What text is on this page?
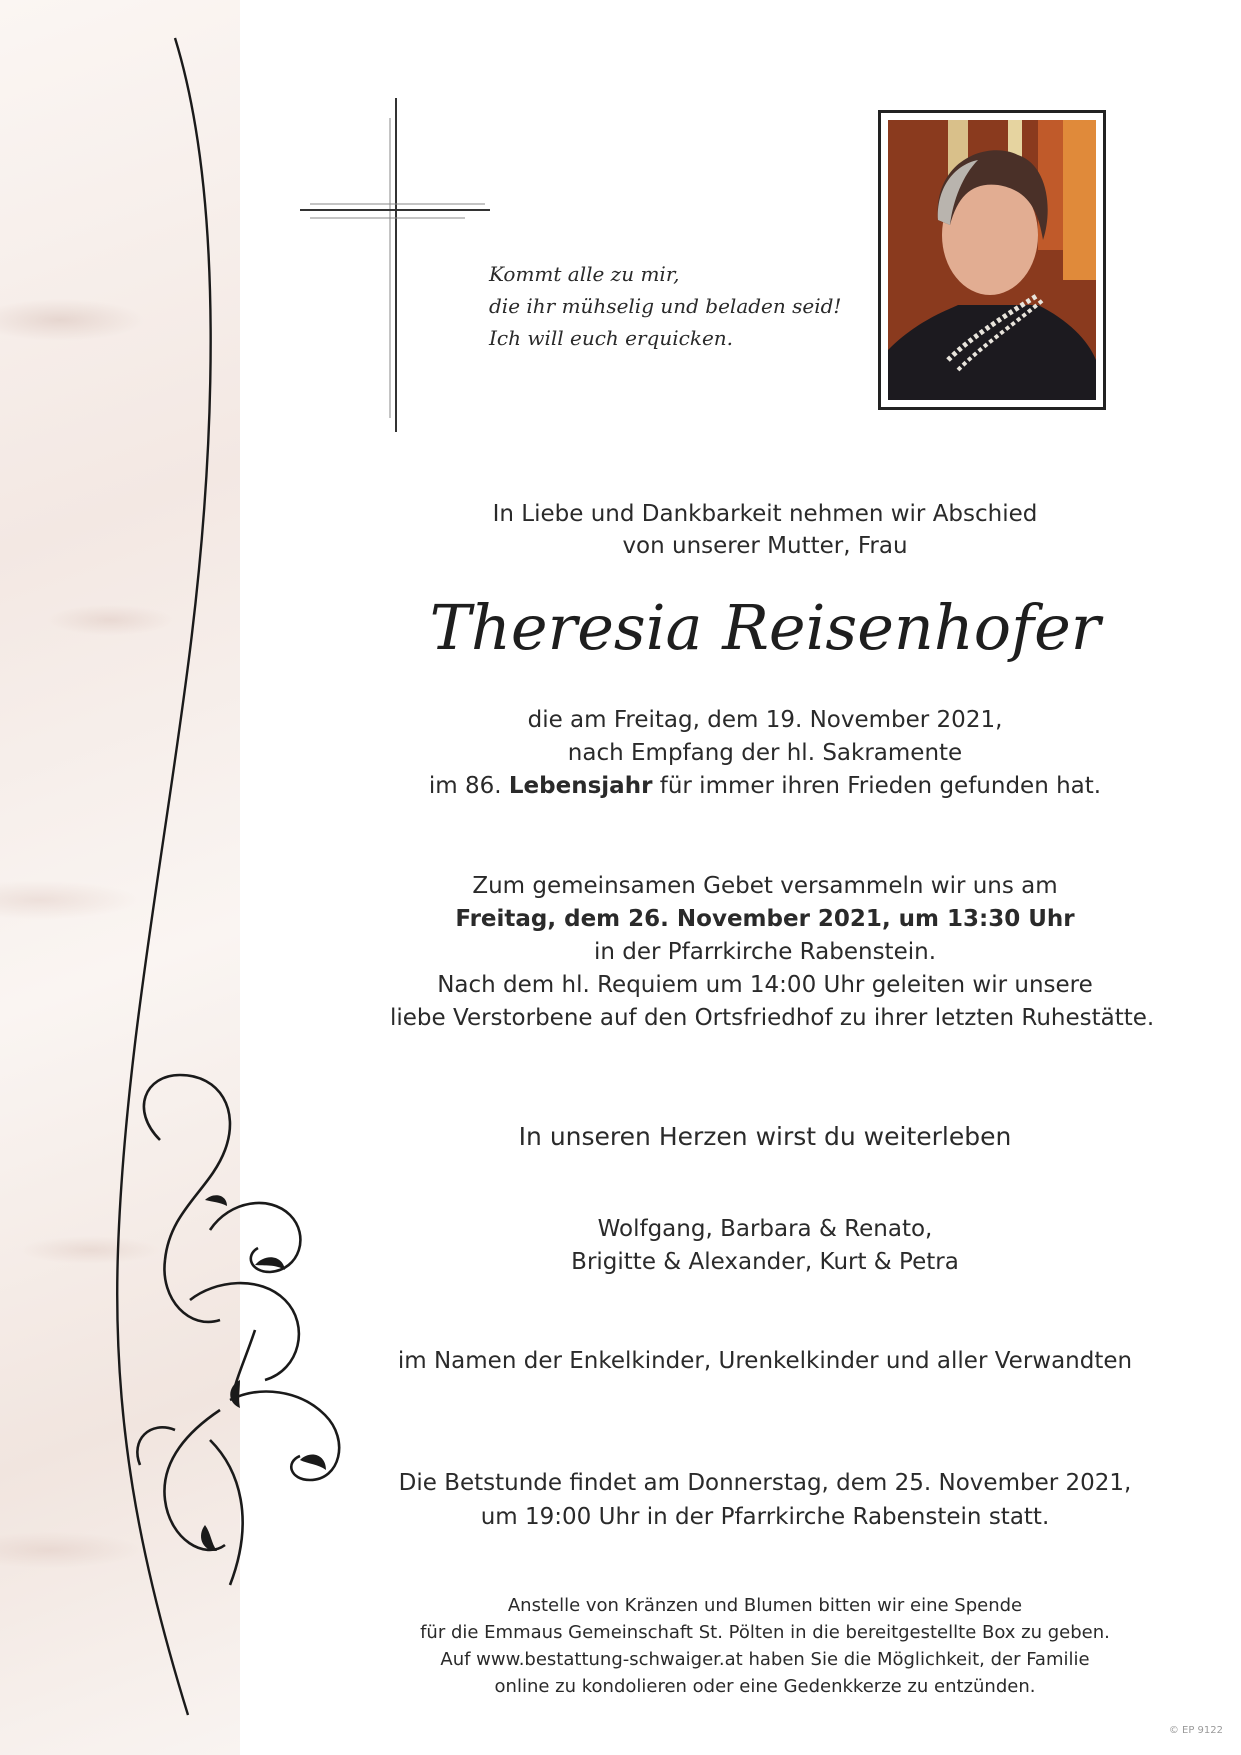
Kommt alle zu mir,
die ihr mühselig und beladen seid!
Ich will euch erquicken.
In Liebe und Dankbarkeit nehmen wir Abschied
von unserer Mutter, Frau
Theresia Reisenhofer
die am Freitag, dem 19. November 2021,
nach Empfang der hl. Sakramente
im 86. Lebensjahr für immer ihren Frieden gefunden hat.
Zum gemeinsamen Gebet versammeln wir uns am
Freitag, dem 26. November 2021, um 13:30 Uhr
in der Pfarrkirche Rabenstein.
Nach dem hl. Requiem um 14:00 Uhr geleiten wir unsere
liebe Verstorbene auf den Ortsfriedhof zu ihrer letzten Ruhestätte.
In unseren Herzen wirst du weiterleben
Wolfgang, Barbara & Renato,
Brigitte & Alexander, Kurt & Petra
im Namen der Enkelkinder, Urenkelkinder und aller Verwandten
Die Betstunde findet am Donnerstag, dem 25. November 2021,
um 19:00 Uhr in der Pfarrkirche Rabenstein statt.
Anstelle von Kränzen und Blumen bitten wir eine Spende
für die Emmaus Gemeinschaft St. Pölten in die bereitgestellte Box zu geben.
Auf www.bestattung-schwaiger.at haben Sie die Möglichkeit, der Familie
online zu kondolieren oder eine Gedenkkerze zu entzünden.
© EP 9122
